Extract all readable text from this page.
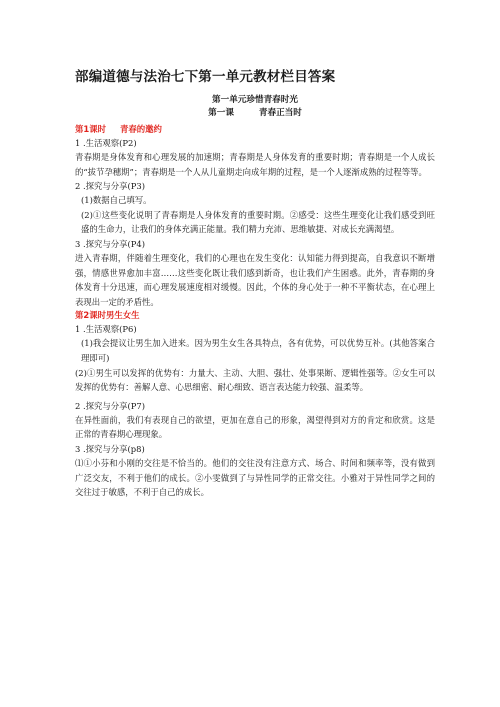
部编道德与法治七下第一单元教材栏目答案

第一单元珍惜青春时光

第一课 青春正当时

第1课时 青春的邀约

1 .生活观察(P2)

青春期是身体发育和心理发展的加速期；青春期是人身体发育的重要时期；青春期是一个人成长的“拔节孕穗期”；青春期是一个人从儿童期走向成年期的过程，是一个人逐渐成熟的过程等等。

2 .探究与分享(P3)

(1)数据自己填写。

(2)①这些变化说明了青春期是人身体发育的重要时期。②感受：这些生理变化让我们感受到旺盛的生命力，让我们的身体充满正能量。我们精力充沛、思维敏捷、对成长充满渴望。

3 .探究与分享(P4)

进入青春期，伴随着生理变化，我们的心理也在发生变化：认知能力得到提高，自我意识不断增强，情感世界愈加丰富……这些变化既让我们感到新奇，也让我们产生困惑。此外，青春期的身体发育十分迅速，而心理发展速度相对缓慢。因此，个体的身心处于一种不平衡状态，在心理上表现出一定的矛盾性。

第2课时男生女生

1 .生活观察(P6)

(1)我会提议让男生加入进来。因为男生女生各具特点，各有优势，可以优势互补。(其他答案合理即可)

(2)①男生可以发挥的优势有：力量大、主动、大胆、强壮、处事果断、逻辑性强等。②女生可以发挥的优势有：善解人意、心思细密、耐心细致、语言表达能力较强、温柔等。

2 .探究与分享(P7)

在异性面前，我们有表现自己的欲望，更加在意自己的形象，渴望得到对方的肯定和欣赏。这是正常的青春期心理现象。

3 .探究与分享(p8)

⑴①小芬和小刚的交往是不恰当的。他们的交往没有注意方式、场合、时间和频率等，没有做到广泛交友，不利于他们的成长。②小雯做到了与异性同学的正常交往。小雅对于异性同学之间的交往过于敏感，不利于自己的成长。
